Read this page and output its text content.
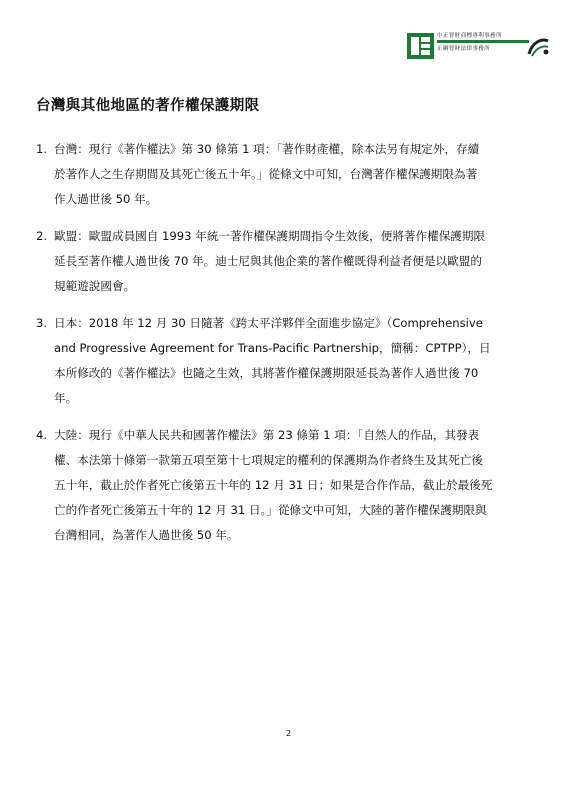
中正智財商標專利事務所
正綱智財法律事務所
台灣與其他地區的著作權保護期限
1. 台灣：現行《著作權法》第 30 條第 1 項：「著作財產權，除本法另有規定外，存續
於著作人之生存期間及其死亡後五十年。」從條文中可知，台灣著作權保護期限為著
作人過世後 50 年。
2. 歐盟：歐盟成員國自 1993 年統一著作權保護期間指令生效後，便將著作權保護期限
延長至著作權人過世後 70 年。迪士尼與其他企業的著作權既得利益者便是以歐盟的
規範遊說國會。
3. 日本：2018 年 12 月 30 日隨著《跨太平洋夥伴全面進步協定》（Comprehensive
and Progressive Agreement for Trans-Pacific Partnership，簡稱：CPTPP），日
本所修改的《著作權法》也隨之生效，其將著作權保護期限延長為著作人過世後 70
年。
4. 大陸：現行《中華人民共和國著作權法》第 23 條第 1 項：「自然人的作品，其發表
權、本法第十條第一款第五項至第十七項規定的權利的保護期為作者終生及其死亡後
五十年，截止於作者死亡後第五十年的 12 月 31 日；如果是合作作品，截止於最後死
亡的作者死亡後第五十年的 12 月 31 日。」從條文中可知，大陸的著作權保護期限與
台灣相同，為著作人過世後 50 年。
2
